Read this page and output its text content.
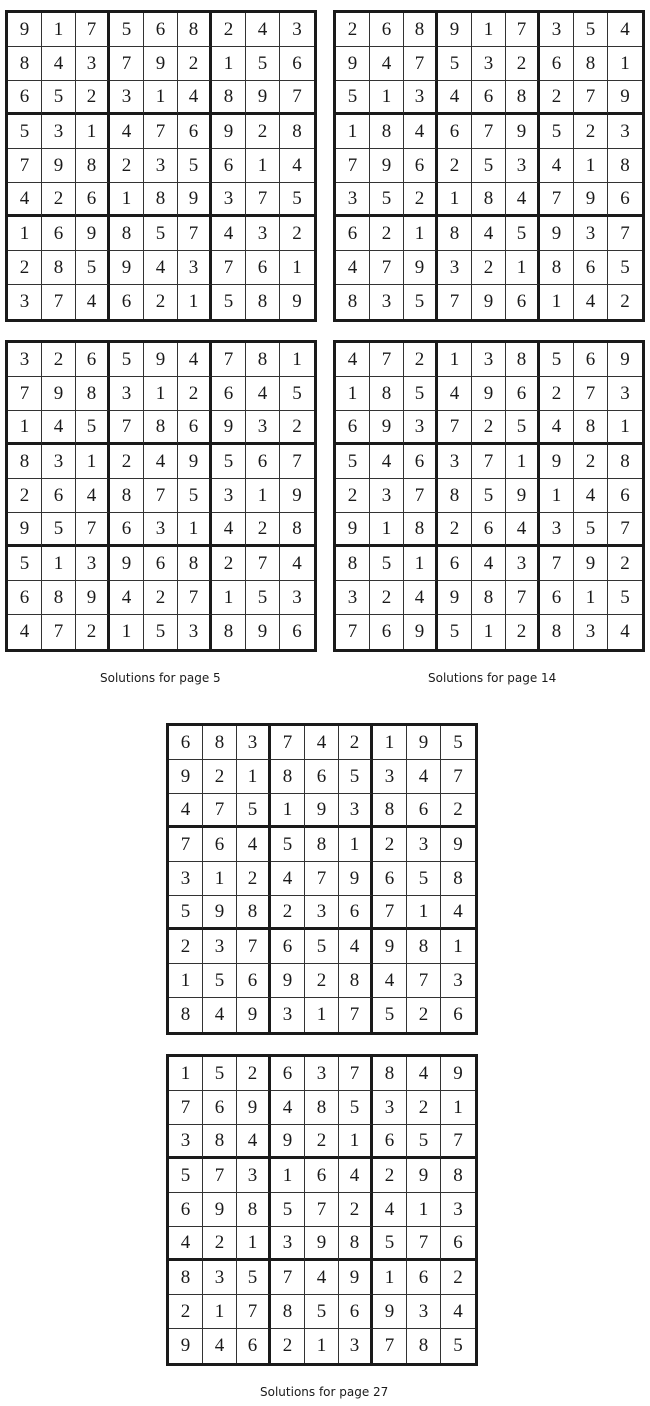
9	1	7	5	6	8	2	4	3
8	4	3	7	9	2	1	5	6
6	5	2	3	1	4	8	9	7
5	3	1	4	7	6	9	2	8
7	9	8	2	3	5	6	1	4
4	2	6	1	8	9	3	7	5
1	6	9	8	5	7	4	3	2
2	8	5	9	4	3	7	6	1
3	7	4	6	2	1	5	8	9
2	6	8	9	1	7	3	5	4
9	4	7	5	3	2	6	8	1
5	1	3	4	6	8	2	7	9
1	8	4	6	7	9	5	2	3
7	9	6	2	5	3	4	1	8
3	5	2	1	8	4	7	9	6
6	2	1	8	4	5	9	3	7
4	7	9	3	2	1	8	6	5
8	3	5	7	9	6	1	4	2
3	2	6	5	9	4	7	8	1
7	9	8	3	1	2	6	4	5
1	4	5	7	8	6	9	3	2
8	3	1	2	4	9	5	6	7
2	6	4	8	7	5	3	1	9
9	5	7	6	3	1	4	2	8
5	1	3	9	6	8	2	7	4
6	8	9	4	2	7	1	5	3
4	7	2	1	5	3	8	9	6
4	7	2	1	3	8	5	6	9
1	8	5	4	9	6	2	7	3
6	9	3	7	2	5	4	8	1
5	4	6	3	7	1	9	2	8
2	3	7	8	5	9	1	4	6
9	1	8	2	6	4	3	5	7
8	5	1	6	4	3	7	9	2
3	2	4	9	8	7	6	1	5
7	6	9	5	1	2	8	3	4
Solutions for page 5	Solutions for page 14
6	8	3	7	4	2	1	9	5
9	2	1	8	6	5	3	4	7
4	7	5	1	9	3	8	6	2
7	6	4	5	8	1	2	3	9
3	1	2	4	7	9	6	5	8
5	9	8	2	3	6	7	1	4
2	3	7	6	5	4	9	8	1
1	5	6	9	2	8	4	7	3
8	4	9	3	1	7	5	2	6
1	5	2	6	3	7	8	4	9
7	6	9	4	8	5	3	2	1
3	8	4	9	2	1	6	5	7
5	7	3	1	6	4	2	9	8
6	9	8	5	7	2	4	1	3
4	2	1	3	9	8	5	7	6
8	3	5	7	4	9	1	6	2
2	1	7	8	5	6	9	3	4
9	4	6	2	1	3	7	8	5
Solutions for page 27
